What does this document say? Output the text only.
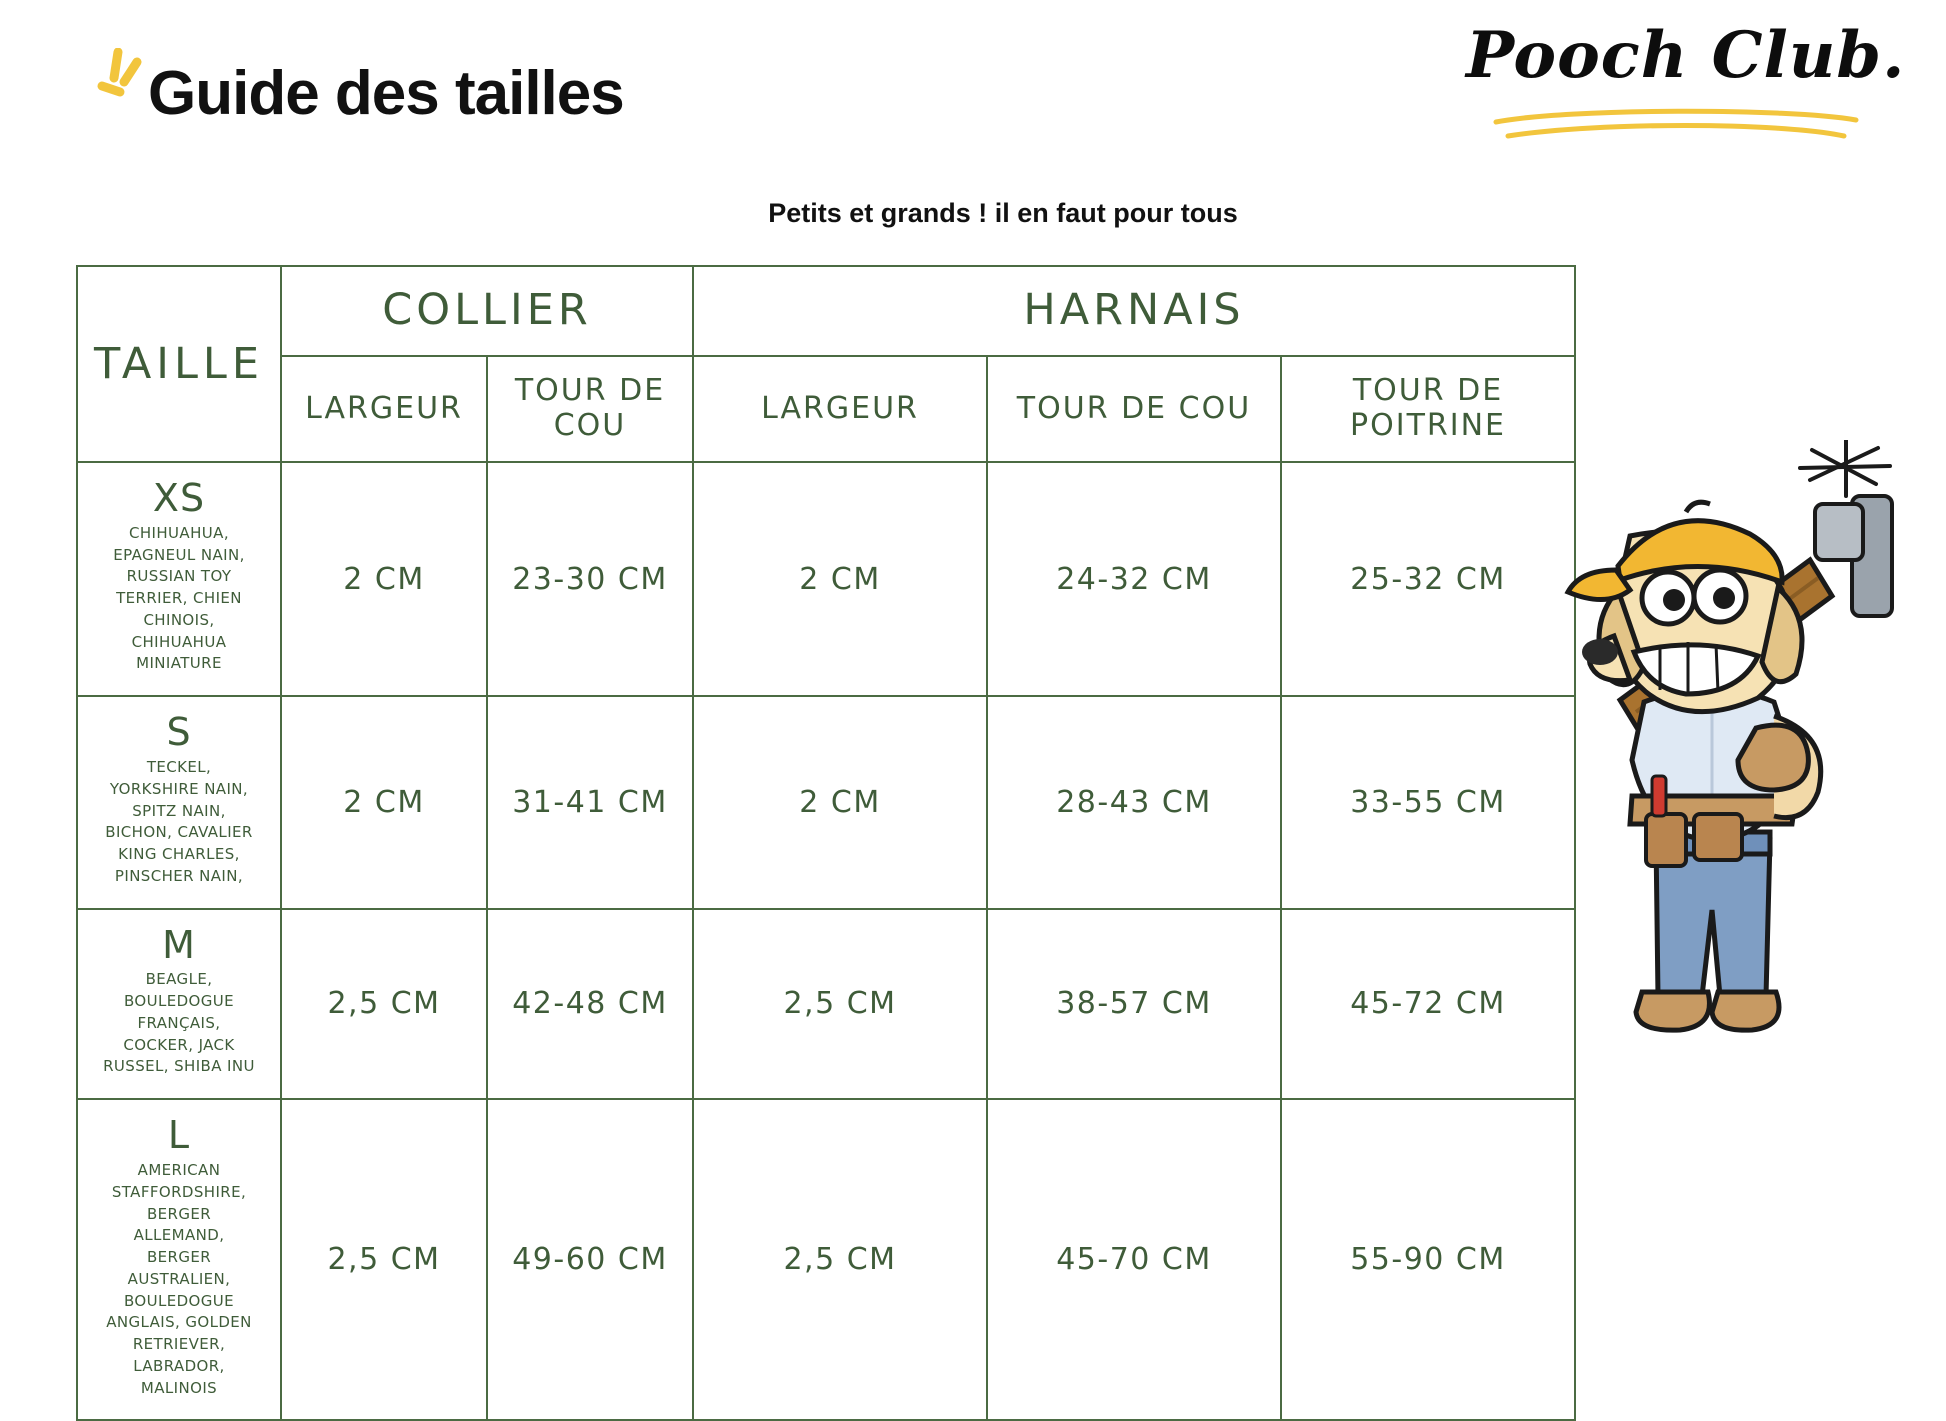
Guide des tailles
Pooch Club.
Petits et grands ! il en faut pour tous
TAILLE	COLLIER		HARNAIS		
	LARGEUR	TOUR DE COU	LARGEUR	TOUR DE COU	TOUR DE POITRINE

XS
CHIHUAHUA, EPAGNEUL NAIN, RUSSIAN TOY TERRIER, CHIEN CHINOIS, CHIHUAHUA MINIATURE	2 CM	23-30 CM	2 CM	24-32 CM	25-32 CM

S
TECKEL, YORKSHIRE NAIN, SPITZ NAIN, BICHON, CAVALIER KING CHARLES, PINSCHER NAIN,	2 CM	31-41 CM	2 CM	28-43 CM	33-55 CM

M
BEAGLE, BOULEDOGUE FRANÇAIS, COCKER, JACK RUSSEL, SHIBA INU	2,5 CM	42-48 CM	2,5 CM	38-57 CM	45-72 CM

L
AMERICAN STAFFORDSHIRE, BERGER ALLEMAND, BERGER AUSTRALIEN, BOULEDOGUE ANGLAIS, GOLDEN RETRIEVER, LABRADOR, MALINOIS	2,5 CM	49-60 CM	2,5 CM	45-70 CM	55-90 CM
